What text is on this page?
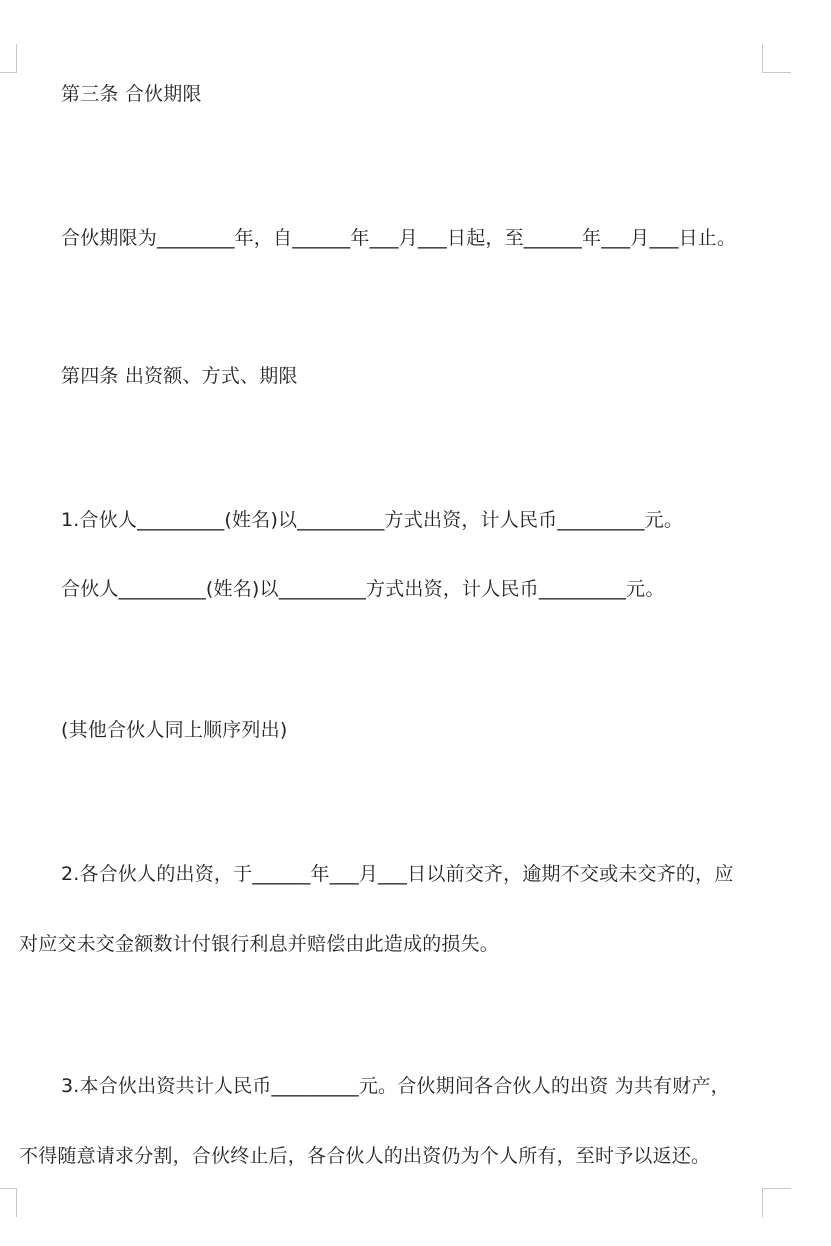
第三条 合伙期限
合伙期限为________年，自______年___月___日起，至______年___月___日止。
第四条 出资额、方式、期限
1.合伙人_________(姓名)以_________方式出资，计人民币_________元。
合伙人_________(姓名)以_________方式出资，计人民币_________元。
(其他合伙人同上顺序列出)
2.各合伙人的出资，于______年___月___日以前交齐，逾期不交或未交齐的，应
对应交未交金额数计付银行利息并赔偿由此造成的损失。
3.本合伙出资共计人民币_________元。合伙期间各合伙人的出资 为共有财产，
不得随意请求分割，合伙终止后，各合伙人的出资仍为个人所有，至时予以返还。
